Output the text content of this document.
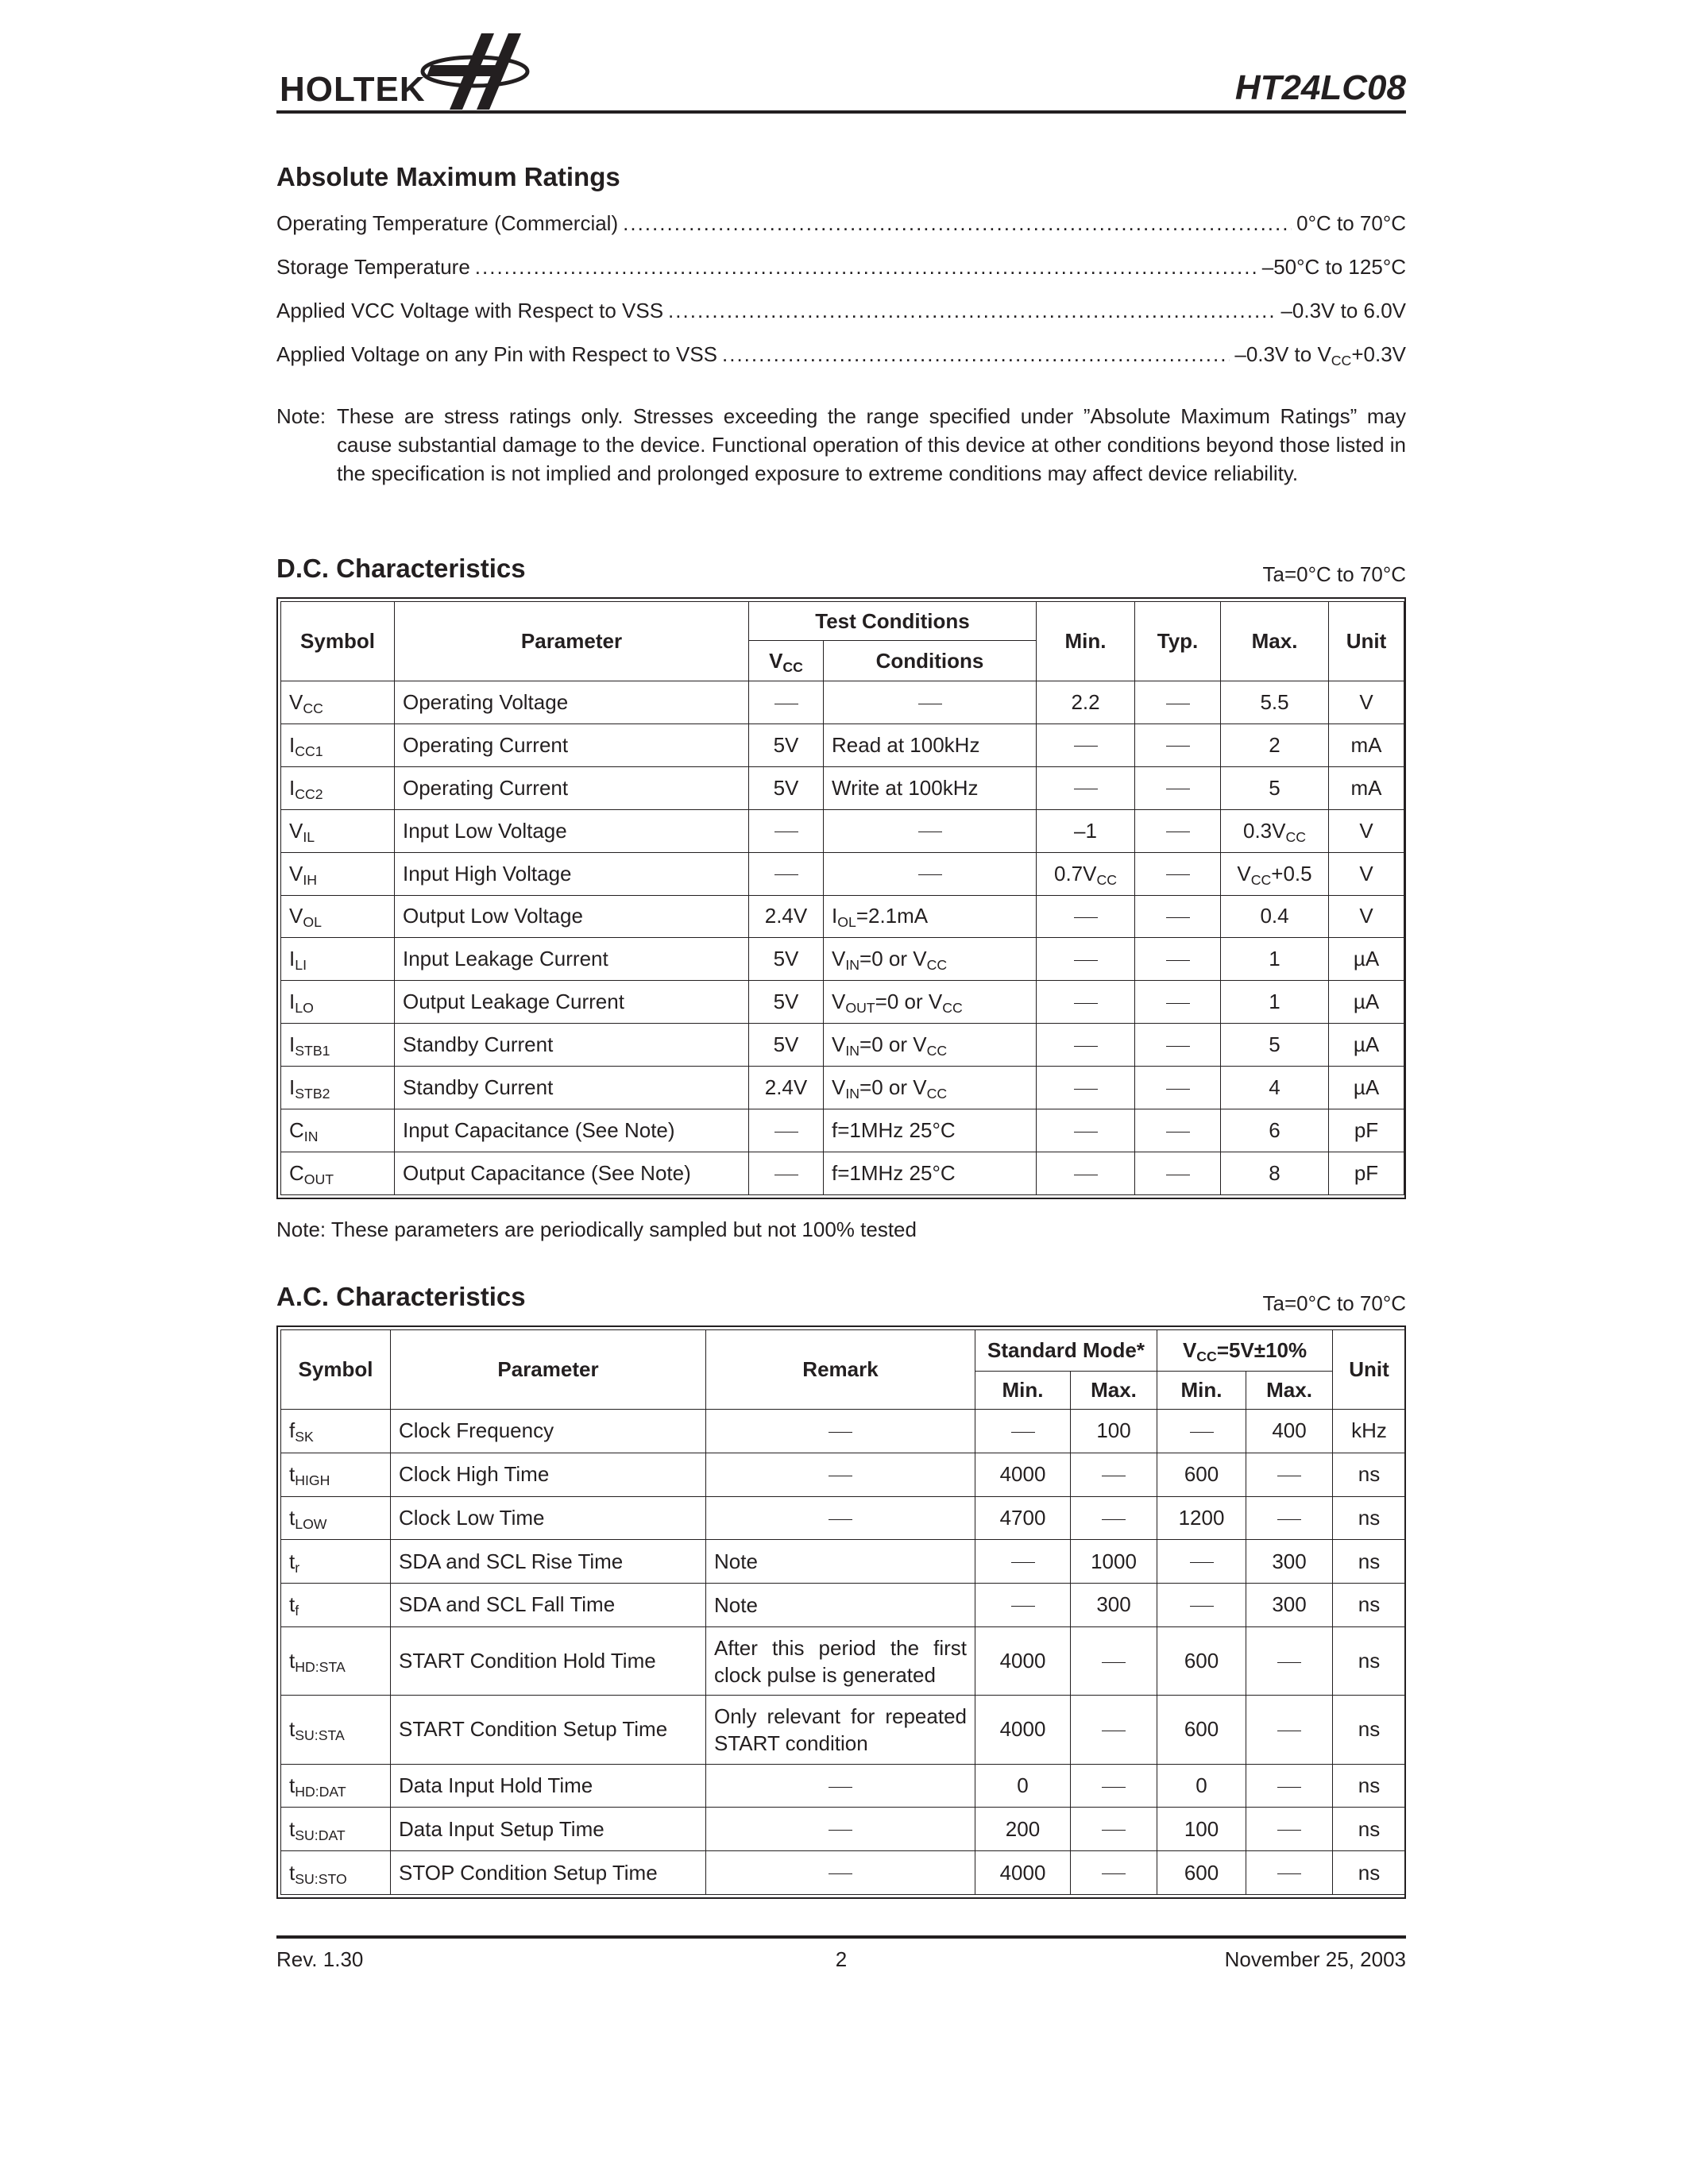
HOLTEK	HT24LC08
Absolute Maximum Ratings
Operating Temperature (Commercial) .....	0°C to 70°C
Storage Temperature .....	–50°C to 125°C
Applied VCC Voltage with Respect to VSS .....	–0.3V to 6.0V
Applied Voltage on any Pin with Respect to VSS .....	–0.3V to $V_{CC}+0.3V$
Note: These are stress ratings only. Stresses exceeding the range specified under ”Absolute Maximum Ratings” may cause substantial damage to the device. Functional operation of this device at other conditions beyond those listed in the specification is not implied and prolonged exposure to extreme conditions may affect device reliability.
D.C. Characteristics	Ta=0°C to 70°C
Symbol	Parameter	Test Conditions		Min.	Typ.	Max.	Unit
		$V_{CC}$	Conditions				
$V_{CC}$	Operating Voltage			2.2		5.5	V
$I_{CC1}$	Operating Current	5V	Read at 100kHz			2	mA
$I_{CC2}$	Operating Current	5V	Write at 100kHz			5	mA
$V_{IL}$	Input Low Voltage			–1		$0.3V_{CC}$	V
$V_{IH}$	Input High Voltage			$0.7V_{CC}$		$V_{CC}+0.5$	V
$V_{OL}$	Output Low Voltage	2.4V	$I_{OL}=2.1mA$			0.4	V
$I_{LI}$	Input Leakage Current	5V	$V_{IN}=0$ or $V_{CC}$			1	µA
$I_{LO}$	Output Leakage Current	5V	$V_{OUT}=0$ or $V_{CC}$			1	µA
$I_{STB1}$	Standby Current	5V	$V_{IN}=0$ or $V_{CC}$			5	µA
$I_{STB2}$	Standby Current	2.4V	$V_{IN}=0$ or $V_{CC}$			4	µA
$C_{IN}$	Input Capacitance (See Note)		f=1MHz 25°C			6	pF
$C_{OUT}$	Output Capacitance (See Note)		f=1MHz 25°C			8	pF
Note: These parameters are periodically sampled but not 100% tested
A.C. Characteristics	Ta=0°C to 70°C
Symbol	Parameter	Remark	Standard Mode*		$V_{CC}=5V\pm 10\%$		Unit
			Min.	Max.	Min.	Max.	
$f_{SK}$	Clock Frequency			100		400	kHz
$t_{HIGH}$	Clock High Time		4000		600		ns
$t_{LOW}$	Clock Low Time		4700		1200		ns
$t_r$	SDA and SCL Rise Time	Note		1000		300	ns
$t_f$	SDA and SCL Fall Time	Note		300		300	ns
$t_{HD:STA}$	START Condition Hold Time	After this period the first clock pulse is generated	4000		600		ns
$t_{SU:STA}$	START Condition Setup Time	Only relevant for repeated START condition	4000		600		ns
$t_{HD:DAT}$	Data Input Hold Time		0		0		ns
$t_{SU:DAT}$	Data Input Setup Time		200		100		ns
$t_{SU:STO}$	STOP Condition Setup Time		4000		600		ns
Rev. 1.30	2	November 25, 2003
